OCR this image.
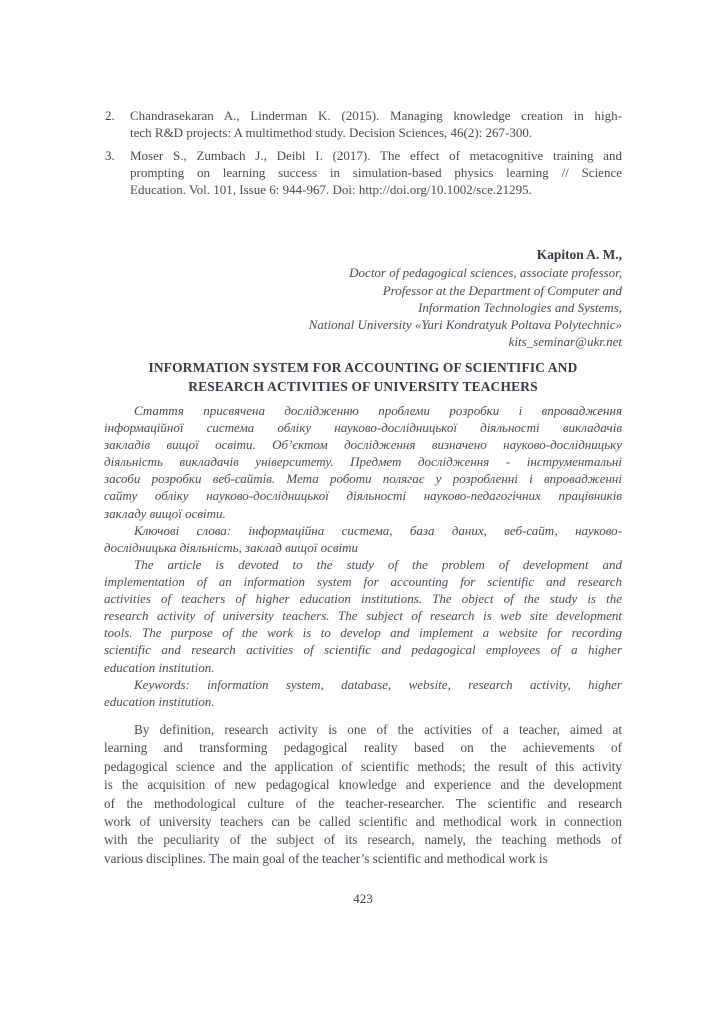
2. Chandrasekaran A., Linderman K. (2015). Managing knowledge creation in high-
tech R&D projects: A multimethod study. Decision Sciences, 46(2): 267-300.
3. Moser S., Zumbach J., Deibl I. (2017). The effect of metacognitive training and
prompting on learning success in simulation-based physics learning // Science
Education. Vol. 101, Issue 6: 944-967. Doi: http://doi.org/10.1002/sce.21295.
Kapiton A. M.,
Doctor of pedagogical sciences, associate professor,
Professor at the Department of Computer and
Information Technologies and Systems,
National University «Yuri Kondratyuk Poltava Polytechnic»
kits_seminar@ukr.net
INFORMATION SYSTEM FOR ACCOUNTING OF SCIENTIFIC AND
RESEARCH ACTIVITIES OF UNIVERSITY TEACHERS
Стаття присвячена дослідженню проблеми розробки і впровадження
інформаційної система обліку науково-дослідницької діяльності викладачів
закладів вищої освіти. Об’єктом дослідження визначено науково-дослідницьку
діяльність викладачів університету. Предмет дослідження - інструментальні
засоби розробки веб-сайтів. Мета роботи полягає у розробленні і впровадженні
сайту обліку науково-дослідницької діяльності науково-педагогічних працівників
закладу вищої освіти.
Ключові слова: інформаційна система, база даних, веб-сайт, науково-
дослідницька діяльність, заклад вищої освіти
The article is devoted to the study of the problem of development and
implementation of an information system for accounting for scientific and research
activities of teachers of higher education institutions. The object of the study is the
research activity of university teachers. The subject of research is web site development
tools. The purpose of the work is to develop and implement a website for recording
scientific and research activities of scientific and pedagogical employees of a higher
education institution.
Keywords: information system, database, website, research activity, higher
education institution.
By definition, research activity is one of the activities of a teacher, aimed at
learning and transforming pedagogical reality based on the achievements of
pedagogical science and the application of scientific methods; the result of this activity
is the acquisition of new pedagogical knowledge and experience and the development
of the methodological culture of the teacher-researcher. The scientific and research
work of university teachers can be called scientific and methodical work in connection
with the peculiarity of the subject of its research, namely, the teaching methods of
various disciplines. The main goal of the teacher’s scientific and methodical work is
423
